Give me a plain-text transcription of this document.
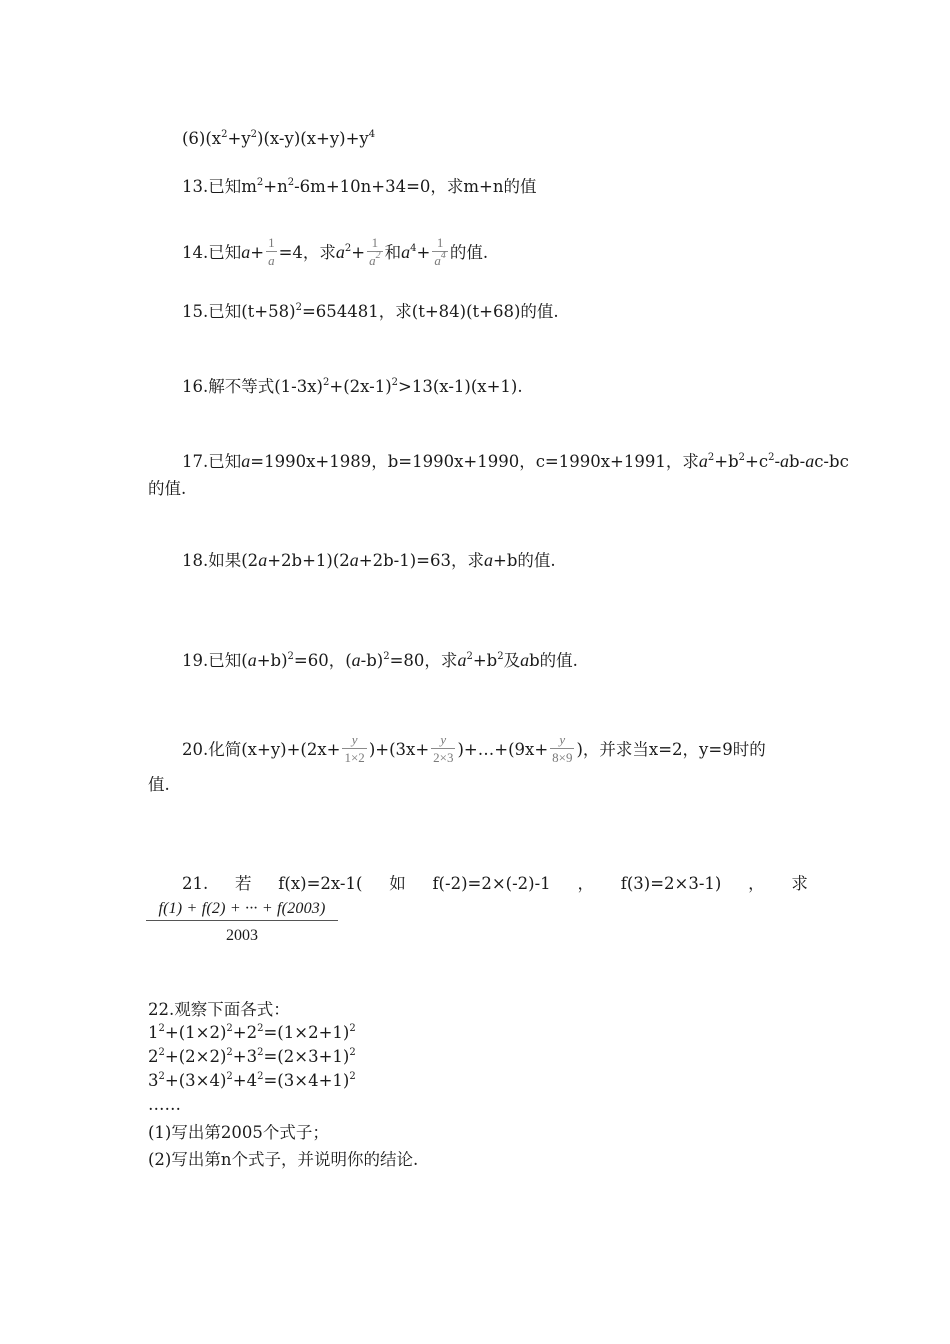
$(6)(x^2+y^2)(x-y)(x+y)+y^4$
13.已知$m^2+n^2-6m+10n+34=0$，求m+n的值
14.已知$a+ \frac{1}{a} =4$，求$a^2+ \frac{1}{a^2}$ 和$a^4+ \frac{1}{a^4}$ 的值.
15.已知$(t+58)^2=654481$，求(t+84)(t+68)的值.
16.解不等式$(1-3x)^2+(2x-1)^2>13(x-1)(x+1)$.
17.已知a=1990x+1989，b=1990x+1990，c=1990x+1991，求$a^2+b^2+c^2-ab-ac-bc$
的值.
18.如果(2a+2b+1)(2a+2b-1)=63，求a+b的值.
19.已知$(a+b)^2=60$，$(a-b)^2=80$，求$a^2+b^2$及ab的值.
20.化简$(x+y)+(2x+ \frac{y}{1\times 2} )+(3x+ \frac{y}{2\times 3}$ )+…+(9x+ $\frac{y}{8\times 9}$ )，并求当x=2，y=9时的
值.
21. 若 f(x)=2x-1( 如 f(-2)=2×(-2)-1 ， f(3)=2×3-1) ， 求
f(1) + f(2) + ··· + f(2003)
2003
22.观察下面各式：
$1^2+(1\times 2)^2+2^2=(1\times 2+1)^2$
$2^2+(2\times 2)^2+3^2=(2\times 3+1)^2$
$3^2+(3\times 4)^2+4^2=(3\times 4+1)^2$
……
(1)写出第2005个式子；
(2)写出第n个式子，并说明你的结论.
